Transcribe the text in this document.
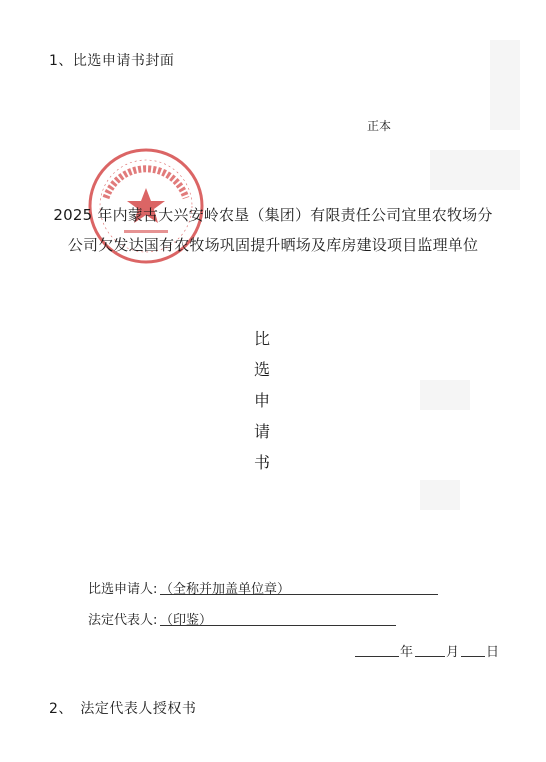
1、比选申请书封面
正本
2025 年内蒙古大兴安岭农垦（集团）有限责任公司宜里农牧场分
公司欠发达国有农牧场巩固提升晒场及库房建设项目监理单位
比
选
申
请
书
比选申请人: （全称并加盖单位章）
法定代表人: （印鉴）
年	月 日
2、　法定代表人授权书
